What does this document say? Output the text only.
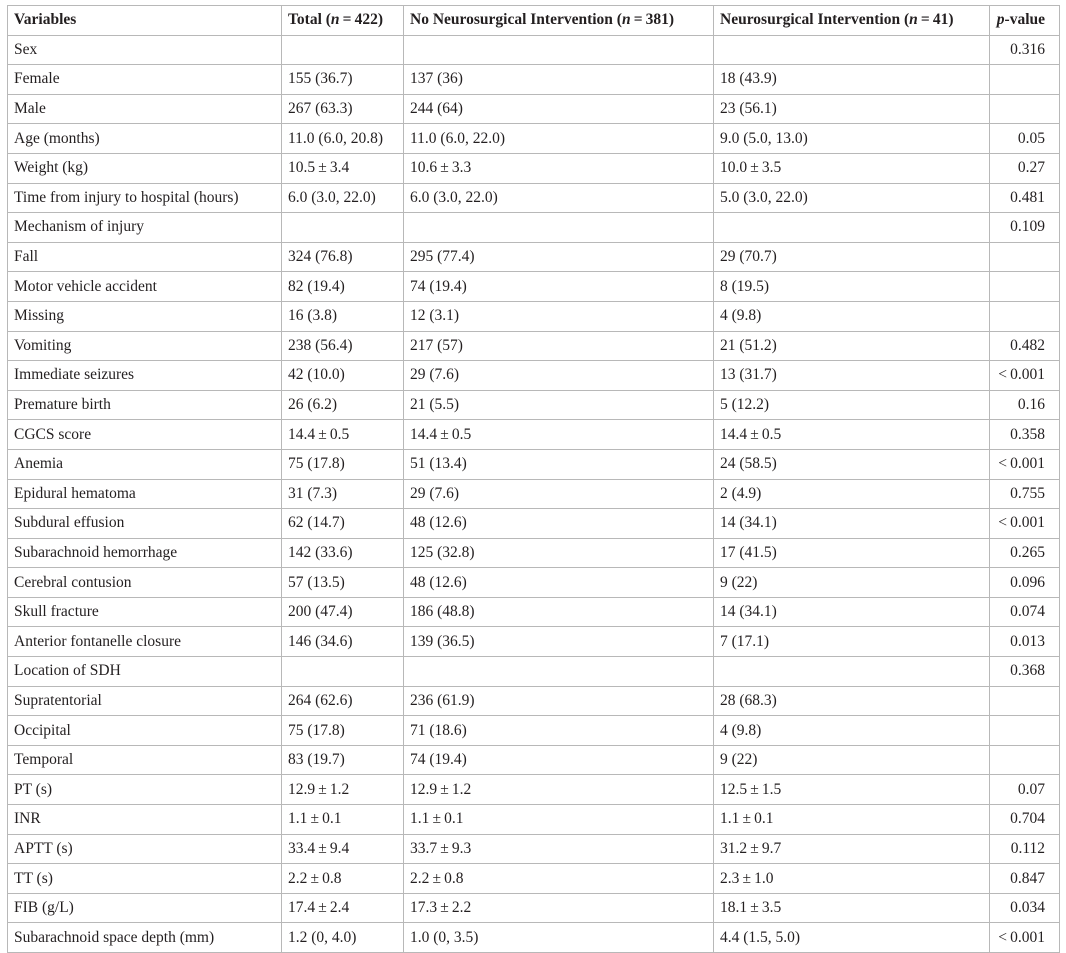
Variables	Total (n = 422)	No Neurosurgical Intervention (n = 381)	Neurosurgical Intervention (n = 41)	p-value
Sex				0.316
Female	155 (36.7)	137 (36)	18 (43.9)	
Male	267 (63.3)	244 (64)	23 (56.1)	
Age (months)	11.0 (6.0, 20.8)	11.0 (6.0, 22.0)	9.0 (5.0, 13.0)	0.05
Weight (kg)	10.5 ± 3.4	10.6 ± 3.3	10.0 ± 3.5	0.27
Time from injury to hospital (hours)	6.0 (3.0, 22.0)	6.0 (3.0, 22.0)	5.0 (3.0, 22.0)	0.481
Mechanism of injury				0.109
Fall	324 (76.8)	295 (77.4)	29 (70.7)	
Motor vehicle accident	82 (19.4)	74 (19.4)	8 (19.5)	
Missing	16 (3.8)	12 (3.1)	4 (9.8)	
Vomiting	238 (56.4)	217 (57)	21 (51.2)	0.482
Immediate seizures	42 (10.0)	29 (7.6)	13 (31.7)	< 0.001
Premature birth	26 (6.2)	21 (5.5)	5 (12.2)	0.16
CGCS score	14.4 ± 0.5	14.4 ± 0.5	14.4 ± 0.5	0.358
Anemia	75 (17.8)	51 (13.4)	24 (58.5)	< 0.001
Epidural hematoma	31 (7.3)	29 (7.6)	2 (4.9)	0.755
Subdural effusion	62 (14.7)	48 (12.6)	14 (34.1)	< 0.001
Subarachnoid hemorrhage	142 (33.6)	125 (32.8)	17 (41.5)	0.265
Cerebral contusion	57 (13.5)	48 (12.6)	9 (22)	0.096
Skull fracture	200 (47.4)	186 (48.8)	14 (34.1)	0.074
Anterior fontanelle closure	146 (34.6)	139 (36.5)	7 (17.1)	0.013
Location of SDH				0.368
Supratentorial	264 (62.6)	236 (61.9)	28 (68.3)	
Occipital	75 (17.8)	71 (18.6)	4 (9.8)	
Temporal	83 (19.7)	74 (19.4)	9 (22)	
PT (s)	12.9 ± 1.2	12.9 ± 1.2	12.5 ± 1.5	0.07
INR	1.1 ± 0.1	1.1 ± 0.1	1.1 ± 0.1	0.704
APTT (s)	33.4 ± 9.4	33.7 ± 9.3	31.2 ± 9.7	0.112
TT (s)	2.2 ± 0.8	2.2 ± 0.8	2.3 ± 1.0	0.847
FIB (g/L)	17.4 ± 2.4	17.3 ± 2.2	18.1 ± 3.5	0.034
Subarachnoid space depth (mm)	1.2 (0, 4.0)	1.0 (0, 3.5)	4.4 (1.5, 5.0)	< 0.001
